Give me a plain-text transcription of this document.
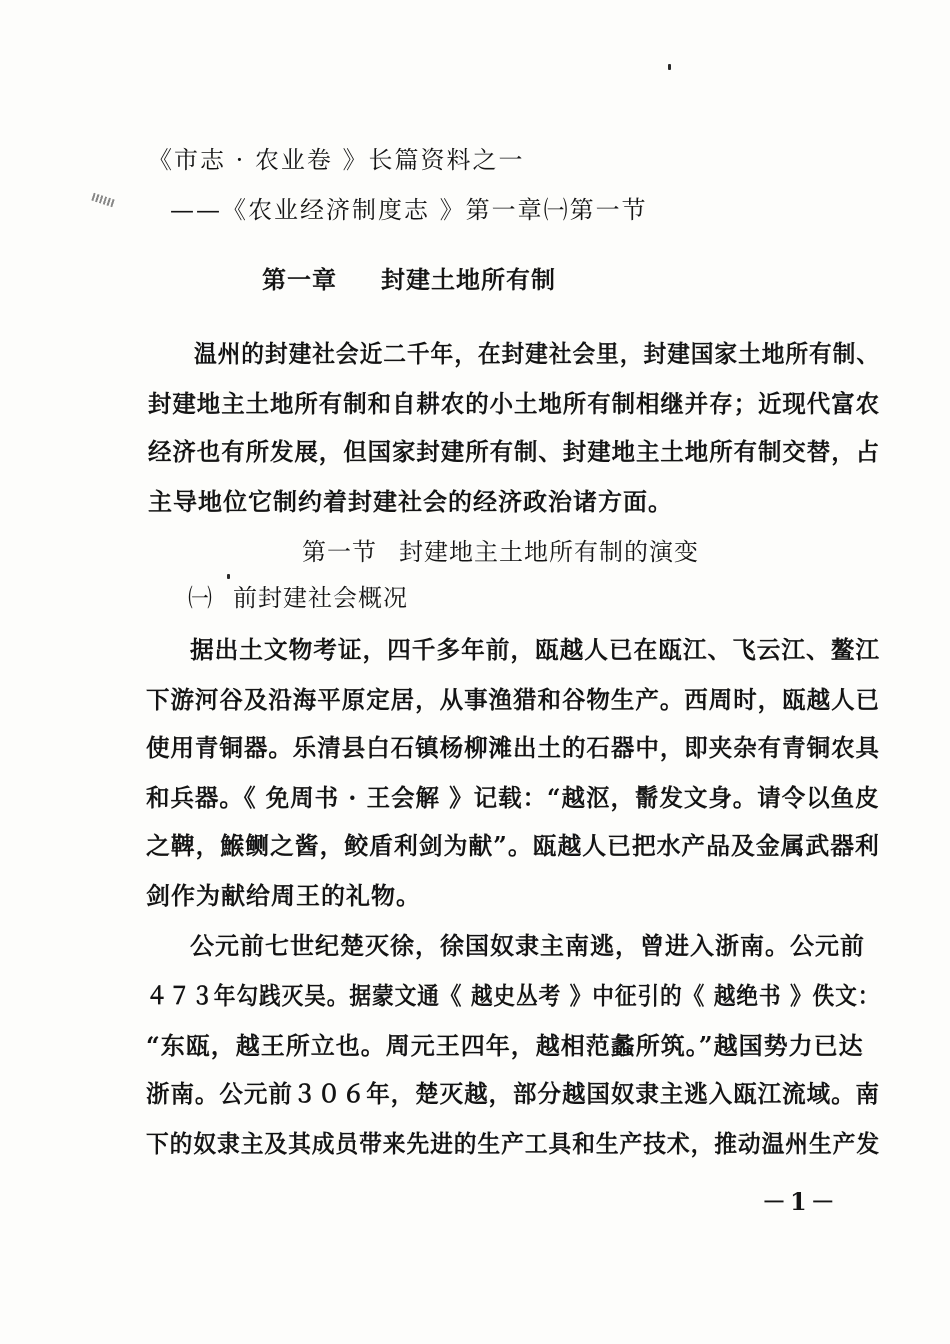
《市志 · 农业卷 》长篇资料之一
——《农业经济制度志 》第一章㈠第一节
第一章 封建土地所有制
温州的封建社会近二千年，在封建社会里，封建国家土地所有制、
封建地主土地所有制和自耕农的小土地所有制相继并存；近现代富农
经济也有所发展，但国家封建所有制、封建地主土地所有制交替，占
主导地位它制约着封建社会的经济政治诸方面。
第一节 封建地主土地所有制的演变
㈠ 前封建社会概况
据出土文物考证，四千多年前，瓯越人已在瓯江、飞云江、鳌江
下游河谷及沿海平原定居，从事渔猎和谷物生产。西周时，瓯越人已
使用青铜器。乐清县白石镇杨柳滩出土的石器中，即夹杂有青铜农具
和兵器。《 免周书 · 王会解 》记载：“越沤，鬋发文身。请令以鱼皮
之鞞，鯸鲗之酱，鲛盾利剑为献”。瓯越人已把水产品及金属武器利
剑作为献给周王的礼物。
公元前七世纪楚灭徐，徐国奴隶主南逃，曾进入浙南。公元前
４７３年勾践灭吴。据蒙文通《 越史丛考 》中征引的《 越绝书 》佚文：
“东瓯，越王所立也。周元王四年，越相范蠡所筑。”越国势力已达
浙南。公元前３０６年，楚灭越，部分越国奴隶主逃入瓯江流域。南
下的奴隶主及其成员带来先进的生产工具和生产技术，推动温州生产发
－1－
